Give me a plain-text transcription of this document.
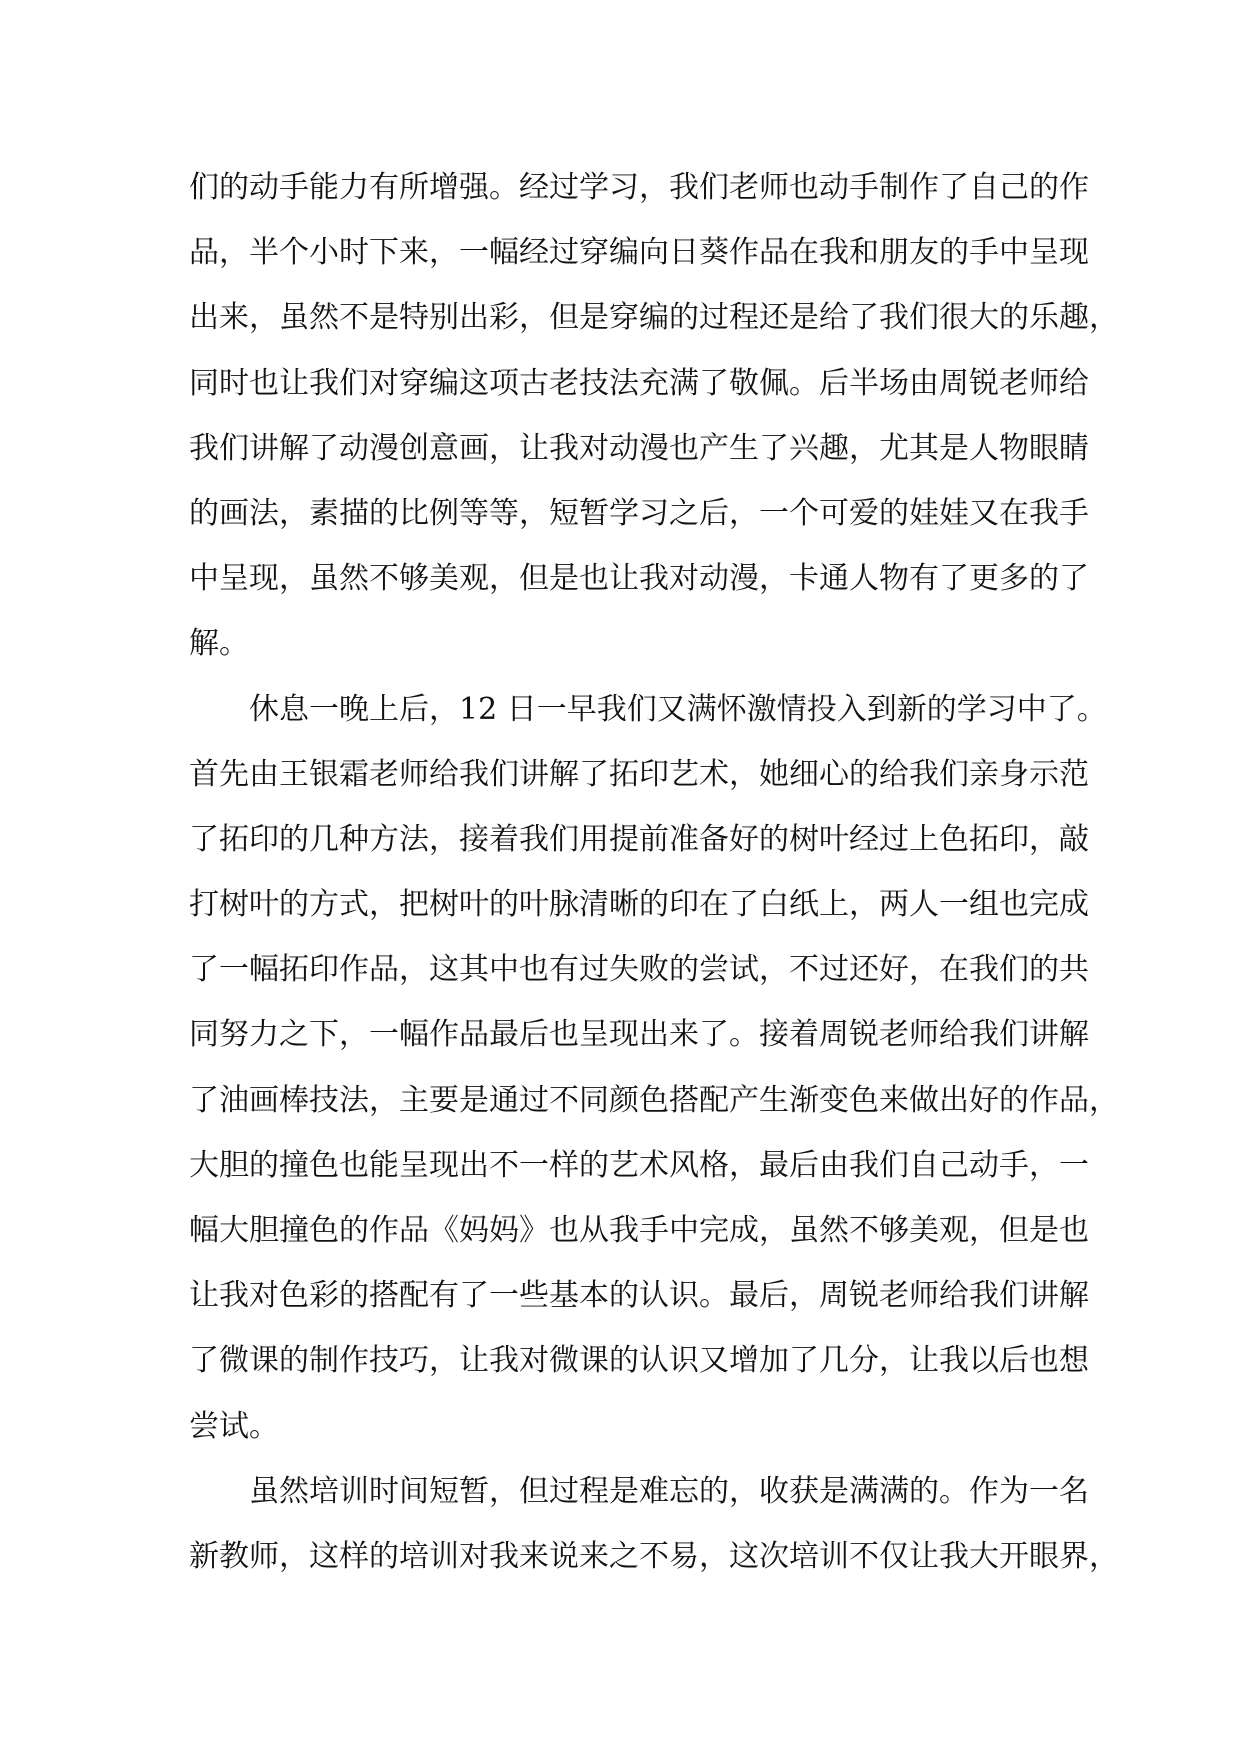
们的动手能力有所增强。经过学习，我们老师也动手制作了自己的作
品，半个小时下来，一幅经过穿编向日葵作品在我和朋友的手中呈现
出来，虽然不是特别出彩，但是穿编的过程还是给了我们很大的乐趣，
同时也让我们对穿编这项古老技法充满了敬佩。后半场由周锐老师给
我们讲解了动漫创意画，让我对动漫也产生了兴趣，尤其是人物眼睛
的画法，素描的比例等等，短暂学习之后，一个可爱的娃娃又在我手
中呈现，虽然不够美观，但是也让我对动漫，卡通人物有了更多的了
解。
休息一晚上后，12 日一早我们又满怀激情投入到新的学习中了。
首先由王银霜老师给我们讲解了拓印艺术，她细心的给我们亲身示范
了拓印的几种方法，接着我们用提前准备好的树叶经过上色拓印，敲
打树叶的方式，把树叶的叶脉清晰的印在了白纸上，两人一组也完成
了一幅拓印作品，这其中也有过失败的尝试，不过还好，在我们的共
同努力之下，一幅作品最后也呈现出来了。接着周锐老师给我们讲解
了油画棒技法，主要是通过不同颜色搭配产生渐变色来做出好的作品，
大胆的撞色也能呈现出不一样的艺术风格，最后由我们自己动手，一
幅大胆撞色的作品《妈妈》也从我手中完成，虽然不够美观，但是也
让我对色彩的搭配有了一些基本的认识。最后，周锐老师给我们讲解
了微课的制作技巧，让我对微课的认识又增加了几分，让我以后也想
尝试。
虽然培训时间短暂，但过程是难忘的，收获是满满的。作为一名
新教师，这样的培训对我来说来之不易，这次培训不仅让我大开眼界，
